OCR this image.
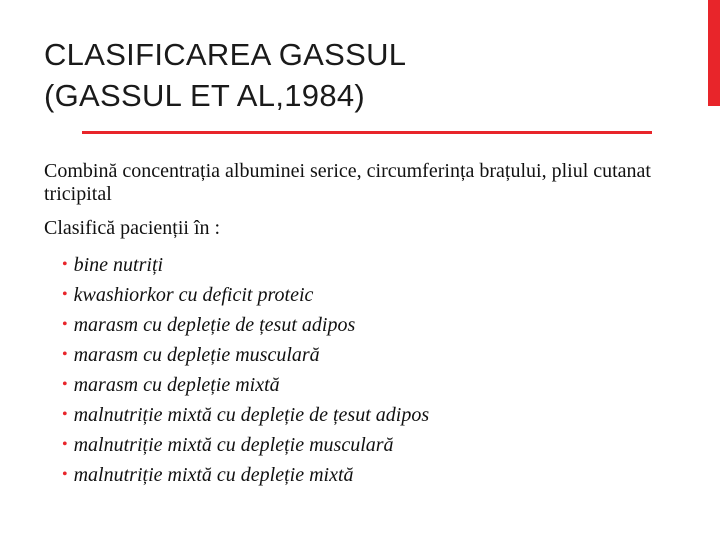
CLASIFICAREA GASSUL
(GASSUL ET AL,1984)

Combină concentrația albuminei serice, circumferința brațului, pliul cutanat tricipital

Clasifică pacienții în :

• bine nutriți
• kwashiorkor cu deficit proteic
• marasm cu depleție de țesut adipos
• marasm cu depleție musculară
• marasm cu depleție mixtă
• malnutriție mixtă cu depleție de țesut adipos
• malnutriție mixtă cu depleție musculară
• malnutriție mixtă cu depleție mixtă
